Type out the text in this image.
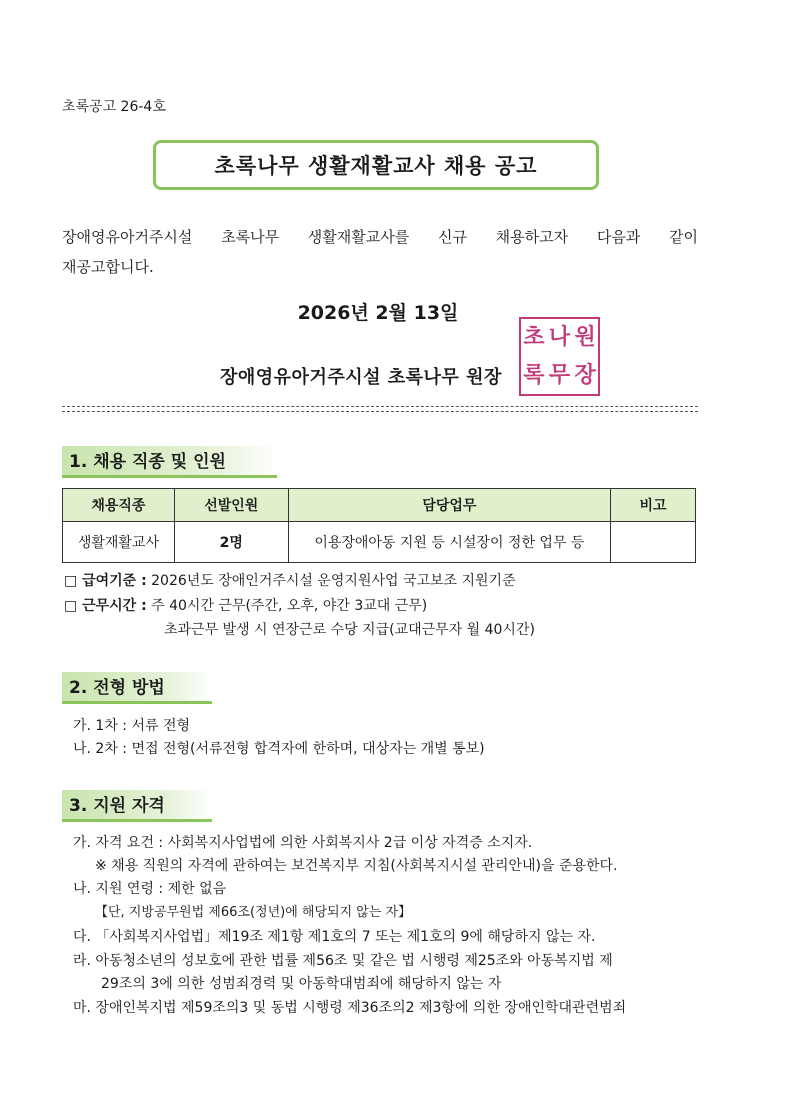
초록공고 26-4호
초록나무 생활재활교사 채용 공고
장애영유아거주시설 초록나무 생활재활교사를 신규 채용하고자 다음과 같이
재공고합니다.
2026년 2월 13일
장애영유아거주시설 초록나무 원장
초 나 원
록 무 장
1. 채용 직종 및 인원
채용직종	선발인원	담당업무	비고
생활재활교사	2명	이용장애아동 지원 등 시설장이 정한 업무 등	
□ 급여기준 : 2026년도 장애인거주시설 운영지원사업 국고보조 지원기준
□ 근무시간 : 주 40시간 근무(주간, 오후, 야간 3교대 근무)
초과근무 발생 시 연장근로 수당 지급(교대근무자 월 40시간)
2. 전형 방법
가. 1차 : 서류 전형
나. 2차 : 면접 전형(서류전형 합격자에 한하며, 대상자는 개별 통보)
3. 지원 자격
가. 자격 요건 : 사회복지사업법에 의한 사회복지사 2급 이상 자격증 소지자.
※ 채용 직원의 자격에 관하여는 보건복지부 지침(사회복지시설 관리안내)을 준용한다.
나. 지원 연령 : 제한 없음
【단, 지방공무원법 제66조(정년)에 해당되지 않는 자】
다. 「사회복지사업법」제19조 제1항 제1호의 7 또는 제1호의 9에 해당하지 않는 자.
라. 아동청소년의 성보호에 관한 법률 제56조 및 같은 법 시행령 제25조와 아동복지법 제
29조의 3에 의한 성범죄경력 및 아동학대범죄에 해당하지 않는 자
마. 장애인복지법 제59조의3 및 동법 시행령 제36조의2 제3항에 의한 장애인학대관련범죄
